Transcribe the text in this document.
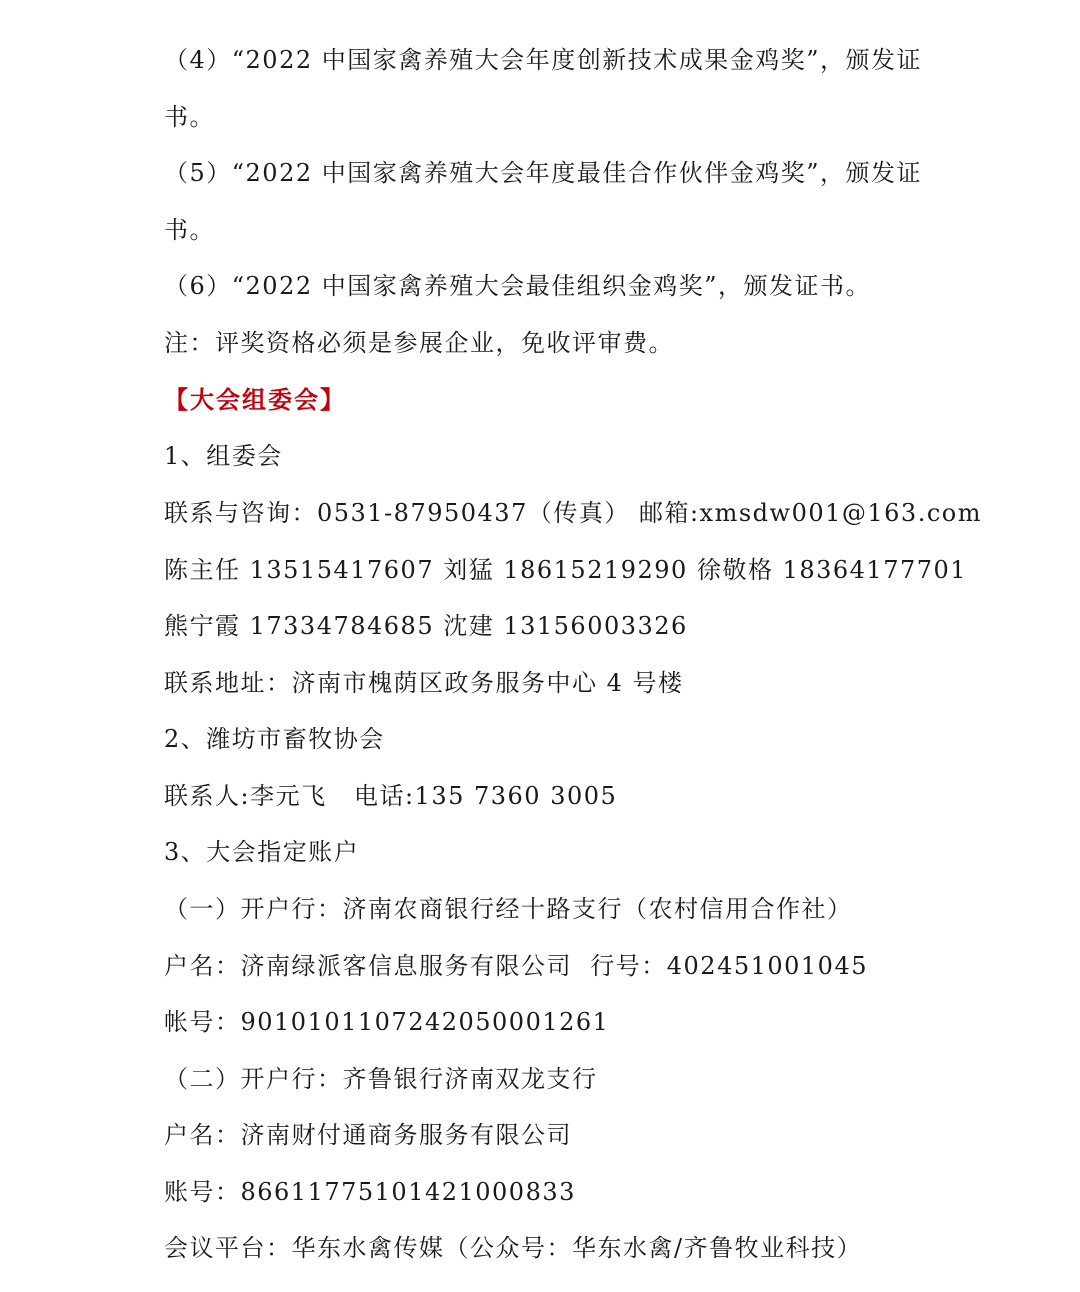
（4）“2022 中国家禽养殖大会年度创新技术成果金鸡奖”，颁发证
书。
（5）“2022 中国家禽养殖大会年度最佳合作伙伴金鸡奖”，颁发证
书。
（6）“2022 中国家禽养殖大会最佳组织金鸡奖”，颁发证书。
注：评奖资格必须是参展企业，免收评审费。
【大会组委会】
1、组委会
联系与咨询：0531-87950437（传真） 邮箱:xmsdw001@163.com
陈主任 13515417607 刘猛 18615219290 徐敬格 18364177701
熊宁霞 17334784685 沈建 13156003326
联系地址：济南市槐荫区政务服务中心 4 号楼
2、潍坊市畜牧协会
联系人:李元飞   电话:135 7360 3005
3、大会指定账户
（一）开户行：济南农商银行经十路支行（农村信用合作社）
户名：济南绿派客信息服务有限公司  行号：402451001045
帐号：9010101107242050001261
（二）开户行：齐鲁银行济南双龙支行
户名：济南财付通商务服务有限公司
账号：86611775101421000833
会议平台：华东水禽传媒（公众号：华东水禽/齐鲁牧业科技）
